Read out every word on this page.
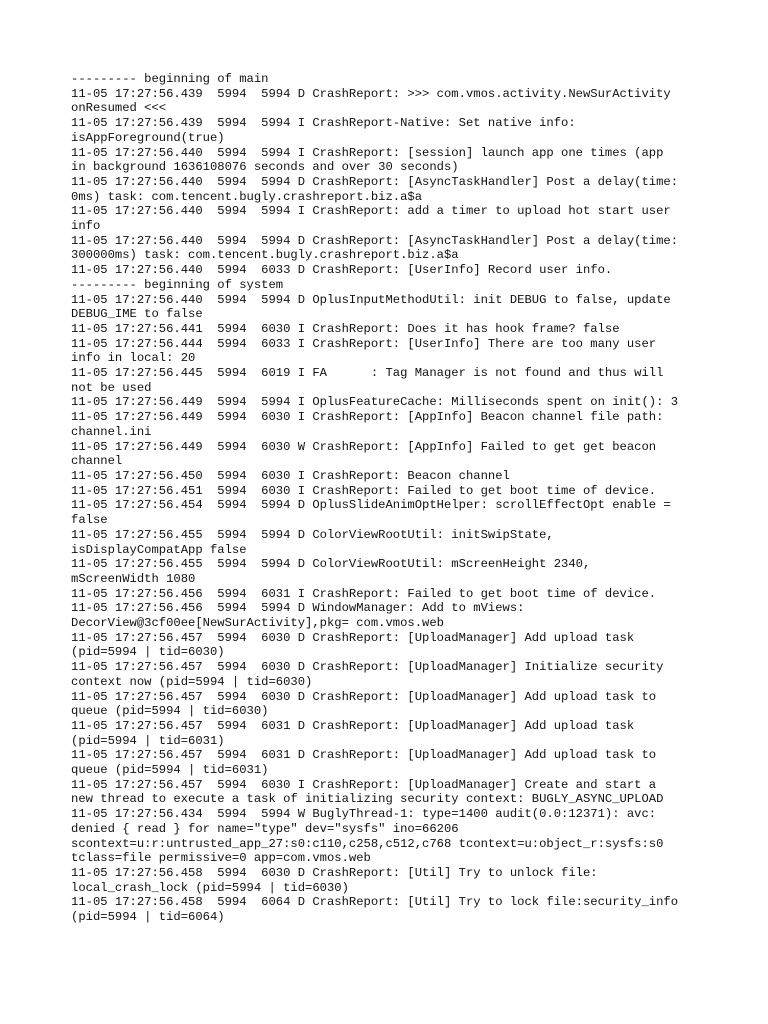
--------- beginning of main
11-05 17:27:56.439  5994  5994 D CrashReport: >>> com.vmos.activity.NewSurActivity
onResumed <<<
11-05 17:27:56.439  5994  5994 I CrashReport-Native: Set native info:
isAppForeground(true)
11-05 17:27:56.440  5994  5994 I CrashReport: [session] launch app one times (app
in background 1636108076 seconds and over 30 seconds)
11-05 17:27:56.440  5994  5994 D CrashReport: [AsyncTaskHandler] Post a delay(time:
0ms) task: com.tencent.bugly.crashreport.biz.a$a
11-05 17:27:56.440  5994  5994 I CrashReport: add a timer to upload hot start user
info
11-05 17:27:56.440  5994  5994 D CrashReport: [AsyncTaskHandler] Post a delay(time:
300000ms) task: com.tencent.bugly.crashreport.biz.a$a
11-05 17:27:56.440  5994  6033 D CrashReport: [UserInfo] Record user info.
--------- beginning of system
11-05 17:27:56.440  5994  5994 D OplusInputMethodUtil: init DEBUG to false, update
DEBUG_IME to false
11-05 17:27:56.441  5994  6030 I CrashReport: Does it has hook frame? false
11-05 17:27:56.444  5994  6033 I CrashReport: [UserInfo] There are too many user
info in local: 20
11-05 17:27:56.445  5994  6019 I FA      : Tag Manager is not found and thus will
not be used
11-05 17:27:56.449  5994  5994 I OplusFeatureCache: Milliseconds spent on init(): 3
11-05 17:27:56.449  5994  6030 I CrashReport: [AppInfo] Beacon channel file path:
channel.ini
11-05 17:27:56.449  5994  6030 W CrashReport: [AppInfo] Failed to get get beacon
channel
11-05 17:27:56.450  5994  6030 I CrashReport: Beacon channel
11-05 17:27:56.451  5994  6030 I CrashReport: Failed to get boot time of device.
11-05 17:27:56.454  5994  5994 D OplusSlideAnimOptHelper: scrollEffectOpt enable =
false
11-05 17:27:56.455  5994  5994 D ColorViewRootUtil: initSwipState,
isDisplayCompatApp false
11-05 17:27:56.455  5994  5994 D ColorViewRootUtil: mScreenHeight 2340,
mScreenWidth 1080
11-05 17:27:56.456  5994  6031 I CrashReport: Failed to get boot time of device.
11-05 17:27:56.456  5994  5994 D WindowManager: Add to mViews:
DecorView@3cf00ee[NewSurActivity],pkg= com.vmos.web
11-05 17:27:56.457  5994  6030 D CrashReport: [UploadManager] Add upload task
(pid=5994 | tid=6030)
11-05 17:27:56.457  5994  6030 D CrashReport: [UploadManager] Initialize security
context now (pid=5994 | tid=6030)
11-05 17:27:56.457  5994  6030 D CrashReport: [UploadManager] Add upload task to
queue (pid=5994 | tid=6030)
11-05 17:27:56.457  5994  6031 D CrashReport: [UploadManager] Add upload task
(pid=5994 | tid=6031)
11-05 17:27:56.457  5994  6031 D CrashReport: [UploadManager] Add upload task to
queue (pid=5994 | tid=6031)
11-05 17:27:56.457  5994  6030 I CrashReport: [UploadManager] Create and start a
new thread to execute a task of initializing security context: BUGLY_ASYNC_UPLOAD
11-05 17:27:56.434  5994  5994 W BuglyThread-1: type=1400 audit(0.0:12371): avc:
denied { read } for name="type" dev="sysfs" ino=66206
scontext=u:r:untrusted_app_27:s0:c110,c258,c512,c768 tcontext=u:object_r:sysfs:s0
tclass=file permissive=0 app=com.vmos.web
11-05 17:27:56.458  5994  6030 D CrashReport: [Util] Try to unlock file:
local_crash_lock (pid=5994 | tid=6030)
11-05 17:27:56.458  5994  6064 D CrashReport: [Util] Try to lock file:security_info
(pid=5994 | tid=6064)
